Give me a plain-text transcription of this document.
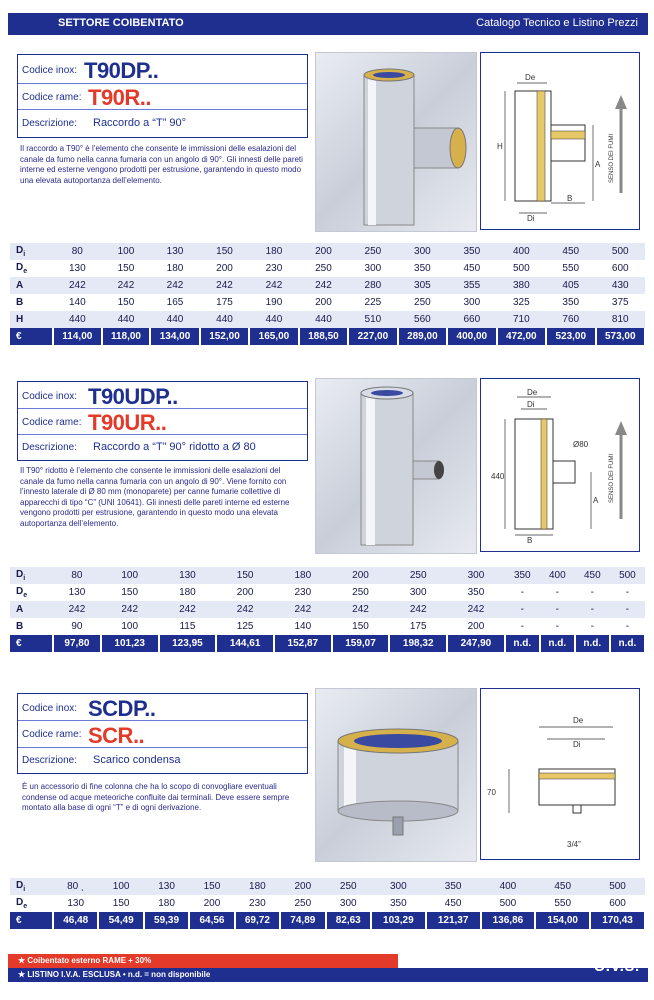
SETTORE COIBENTATO	Catalogo Tecnico e Listino Prezzi
Codice inox: T90DP..
Codice rame: T90R..
Descrizione: Raccordo a “T” 90°
Il raccordo a T90° è l’elemento che consente le immissioni delle esalazioni del canale da fumo nella canna fumaria con un angolo di 90°. Gli innesti delle pareti interne ed esterne vengono prodotti per estrusione, garantendo in questo modo una elevata autoportanza dell’elemento.
De
H
A
B
Di
SENSO DEI FUMI
$D_i$	80	100	130	150	180	200	250	300	350	400	450	500
$D_e$	130	150	180	200	230	250	300	350	450	500	550	600
A	242	242	242	242	242	242	280	305	355	380	405	430
B	140	150	165	175	190	200	225	250	300	325	350	375
H	440	440	440	440	440	440	510	560	660	710	760	810
€	114,00	118,00	134,00	152,00	165,00	188,50	227,00	289,00	400,00	472,00	523,00	573,00
Codice inox: T90UDP..
Codice rame: T90UR..
Descrizione: Raccordo a “T” 90° ridotto a Ø 80
Il T90° ridotto è l’elemento che consente le immissioni delle esalazioni del canale da fumo nella canna fumaria con un angolo di 90°. Viene fornito con l’innesto laterale di Ø 80 mm (monoparete) per canne fumarie collettive di apparecchi di tipo “C” (UNI 10641). Gli innesti delle pareti interne ed esterne vengono prodotti per estrusione, garantendo in questo modo una elevata autoportanza dell’elemento.
De
Di
Ø80
440
A
B
SENSO DEI FUMI
$D_i$	80	100	130	150	180	200	250	300	350	400	450	500
$D_e$	130	150	180	200	230	250	300	350	-	-	-	-
A	242	242	242	242	242	242	242	242	-	-	-	-
B	90	100	115	125	140	150	175	200	-	-	-	-
€	97,80	101,23	123,95	144,61	152,87	159,07	198,32	247,90	n.d.	n.d.	n.d.	n.d.
Codice inox: SCDP..
Codice rame: SCR..
Descrizione: Scarico condensa
È un accessorio di fine colonna che ha lo scopo di convogliare eventuali condense od acque meteoriche confluite dai terminali. Deve essere sempre montato alla base di ogni “T” e di ogni derivazione.
De
Di
70
3/4”
$D_i$	80 ˎ	100	130	150	180	200	250	300	350	400	450	500
$D_e$	130	150	180	200	230	250	300	350	450	500	550	600
€	46,48	54,49	59,39	64,56	69,72	74,89	82,63	103,29	121,37	136,86	154,00	170,43
★ Coibentato esterno RAME + 30%
★ LISTINO I.V.A. ESCLUSA • n.d. = non disponibile
O.V.S.
